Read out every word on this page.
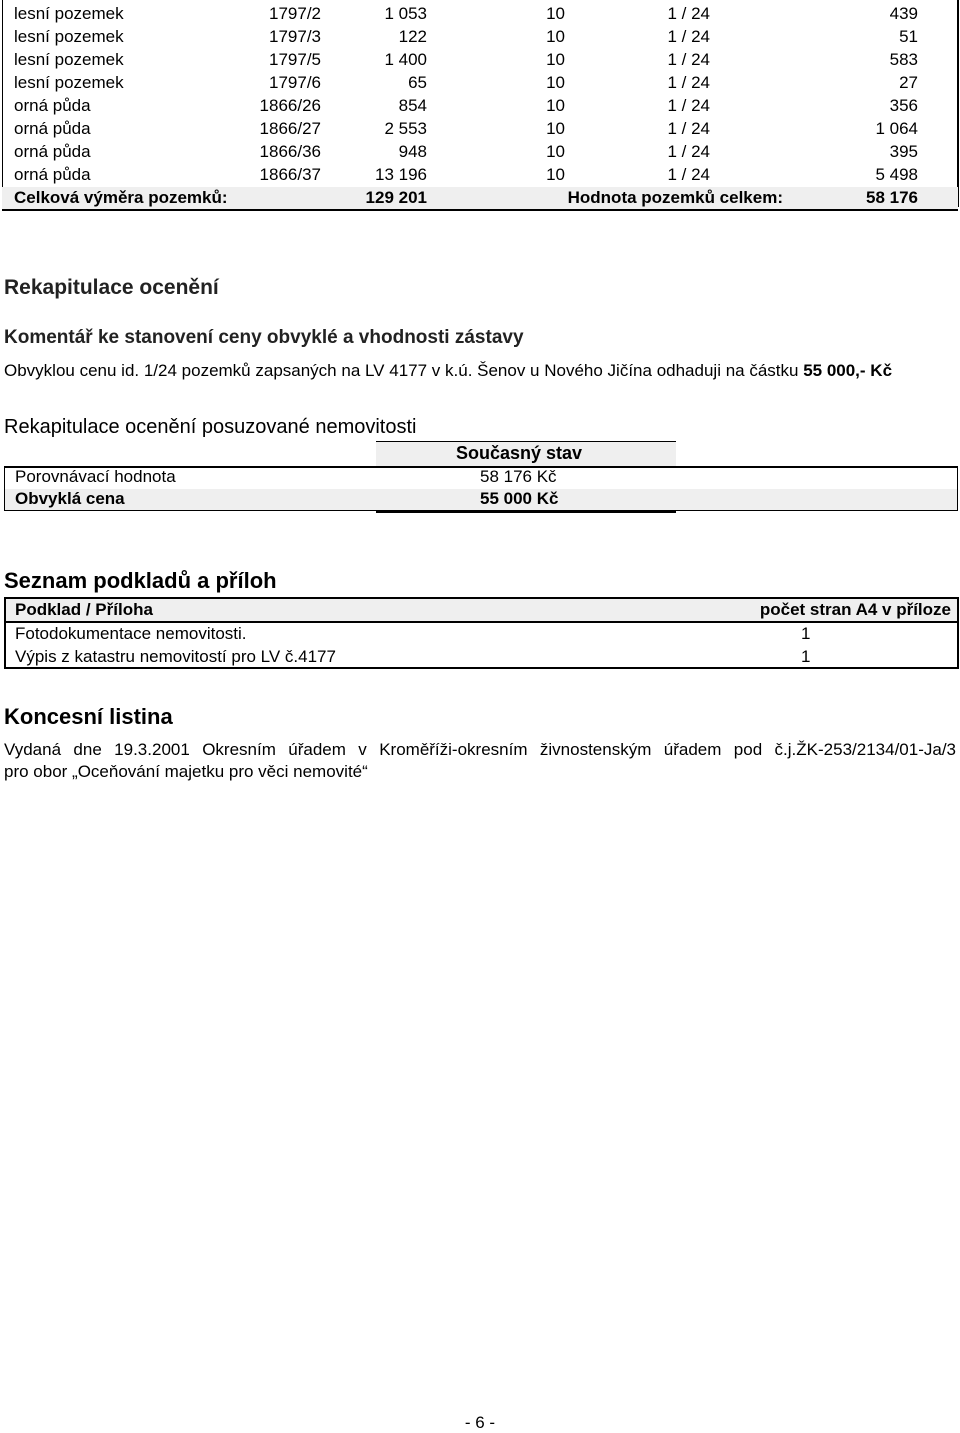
lesní pozemek	1797/2	1 053	10	1 / 24	439
lesní pozemek	1797/3	122	10	1 / 24	51
lesní pozemek	1797/5	1 400	10	1 / 24	583
lesní pozemek	1797/6	65	10	1 / 24	27
orná půda	1866/26	854	10	1 / 24	356
orná půda	1866/27	2 553	10	1 / 24	1 064
orná půda	1866/36	948	10	1 / 24	395
orná půda	1866/37	13 196	10	1 / 24	5 498
Celková výměra pozemků:	129 201	Hodnota pozemků celkem:	58 176
Rekapitulace ocenění
Komentář ke stanovení ceny obvyklé a vhodnosti zástavy
Obvyklou cenu id. 1/24 pozemků zapsaných na LV 4177 v k.ú. Šenov u Nového Jičína odhaduji na částku 55 000,- Kč
Rekapitulace ocenění posuzované nemovitosti
Současný stav
Porovnávací hodnota	58 176 Kč
Obvyklá cena	55 000 Kč
Seznam podkladů a příloh
Podklad / Příloha	počet stran A4 v příloze
Fotodokumentace nemovitosti.	1
Výpis z katastru nemovitostí pro LV č.4177	1
Koncesní listina
Vydaná dne 19.3.2001 Okresním úřadem v Kroměříži-okresním živnostenským úřadem pod č.j.ŽK-253/2134/01-Ja/3
pro obor „Oceňování majetku pro věci nemovité“
- 6 -
